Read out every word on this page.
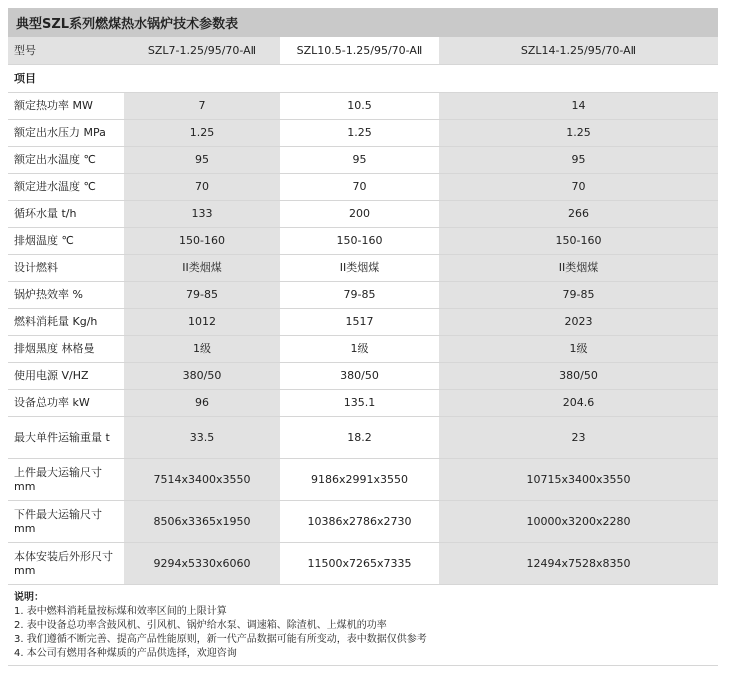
典型SZL系列燃煤热水锅炉技术参数表
型号	SZL7-1.25/95/70-AⅡ	SZL10.5-1.25/95/70-AⅡ	SZL14-1.25/95/70-AⅡ
项目			
额定热功率 MW	7	10.5	14
额定出水压力 MPa	1.25	1.25	1.25
额定出水温度 ℃	95	95	95
额定进水温度 ℃	70	70	70
循环水量 t/h	133	200	266
排烟温度 ℃	150-160	150-160	150-160
设计燃料	II类烟煤	II类烟煤	II类烟煤
锅炉热效率 %	79-85	79-85	79-85
燃料消耗量 Kg/h	1012	1517	2023
排烟黑度 林格曼	1级	1级	1级
使用电源 V/HZ	380/50	380/50	380/50
设备总功率 kW	96	135.1	204.6
最大单件运输重量 t	33.5	18.2	23
上件最大运输尺寸 mm	7514x3400x3550	9186x2991x3550	10715x3400x3550
下件最大运输尺寸 mm	8506x3365x1950	10386x2786x2730	10000x3200x2280
本体安装后外形尺寸 mm	9294x5330x6060	11500x7265x7335	12494x7528x8350
说明：
1. 表中燃料消耗量按标煤和效率区间的上限计算
2. 表中设备总功率含鼓风机、引风机、锅炉给水泵、调速箱、除渣机、上煤机的功率
3. 我们遵循不断完善、提高产品性能原则，新一代产品数据可能有所变动，表中数据仅供参考
4. 本公司有燃用各种煤质的产品供选择，欢迎咨询
